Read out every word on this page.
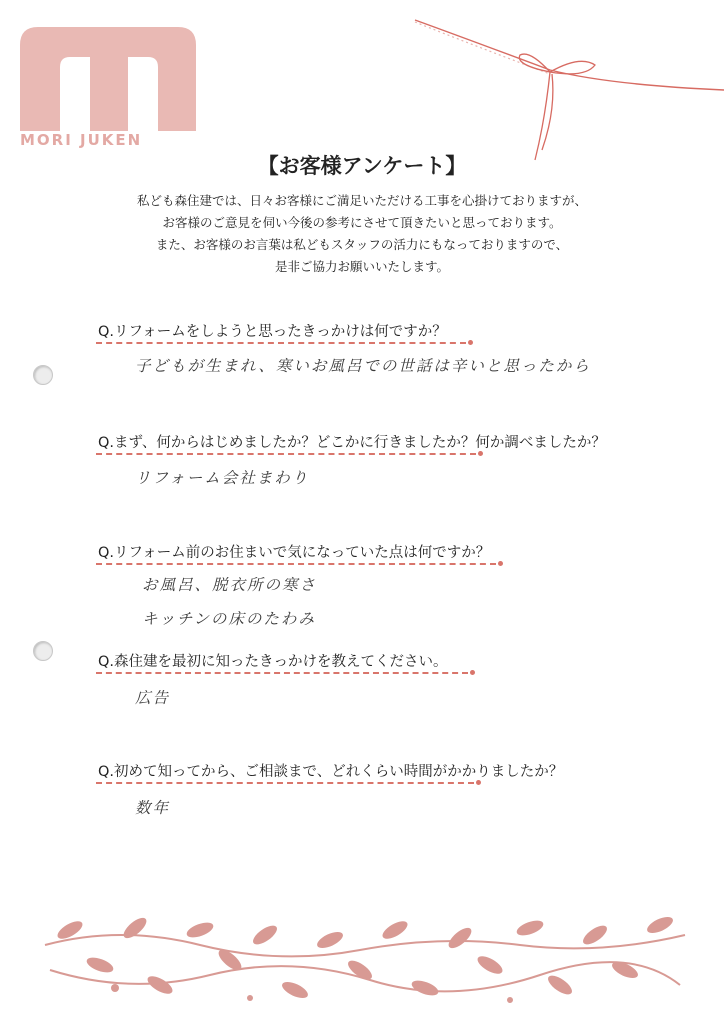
MORI JUKEN
【お客様アンケート】
私ども森住建では、日々お客様にご満足いただける工事を心掛けておりますが、
お客様のご意見を伺い今後の参考にさせて頂きたいと思っております。
また、お客様のお言葉は私どもスタッフの活力にもなっておりますので、
是非ご協力お願いいたします。
Q.リフォームをしようと思ったきっかけは何ですか？
子どもが生まれ、寒いお風呂での世話は辛いと思ったから
Q.まず、何からはじめましたか？どこかに行きましたか？何か調べましたか？
リフォーム会社まわり
Q.リフォーム前のお住まいで気になっていた点は何ですか？
お風呂、脱衣所の寒さ
キッチンの床のたわみ
Q.森住建を最初に知ったきっかけを教えてください。
広告
Q.初めて知ってから、ご相談まで、どれくらい時間がかかりましたか？
数年
